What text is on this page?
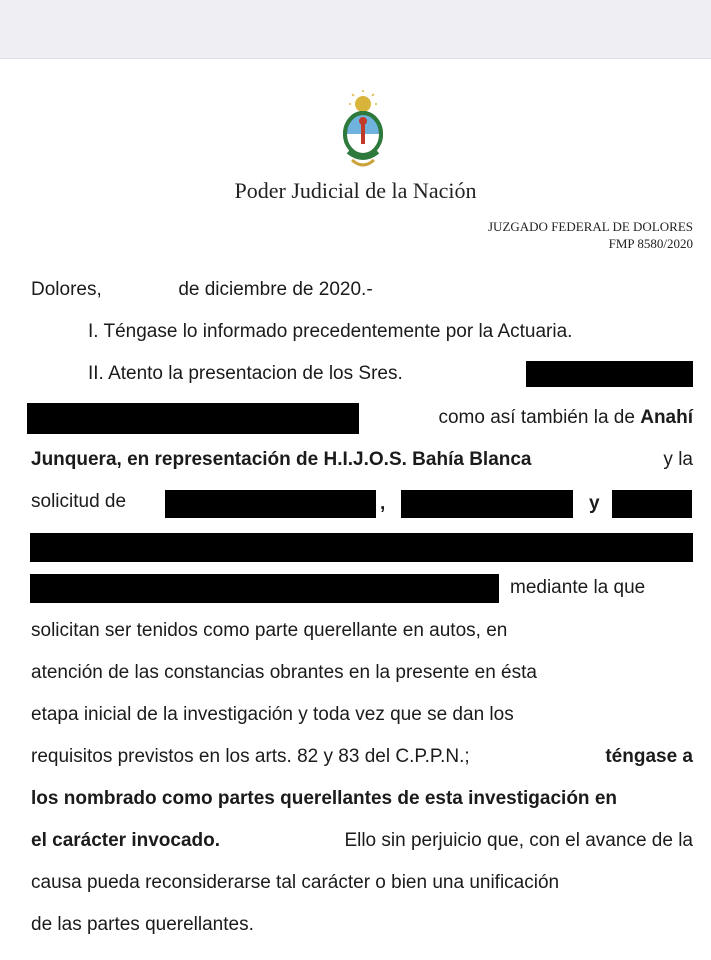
Poder Judicial de la Nación
JUZGADO FEDERAL DE DOLORES
FMP 8580/2020
Dolores,	de diciembre de 2020.-
I. Téngase lo informado precedentemente por la Actuaria.
II. Atento la presentacion de los Sres.
como así también la de Anahí
Junquera, en representación de H.I.J.O.S. Bahía Blanca	y la
solicitud de	,	y
mediante la que
solicitan ser tenidos como parte querellante en autos, en
atención de las constancias obrantes en la presente en ésta
etapa inicial de la investigación y toda vez que se dan los
requisitos previstos en los arts. 82 y 83 del C.P.P.N.;	téngase a
los nombrado como partes querellantes de esta investigación en
el carácter invocado.	Ello sin perjuicio que, con el avance de la
causa pueda reconsiderarse tal carácter o bien una unificación
de las partes querellantes.
